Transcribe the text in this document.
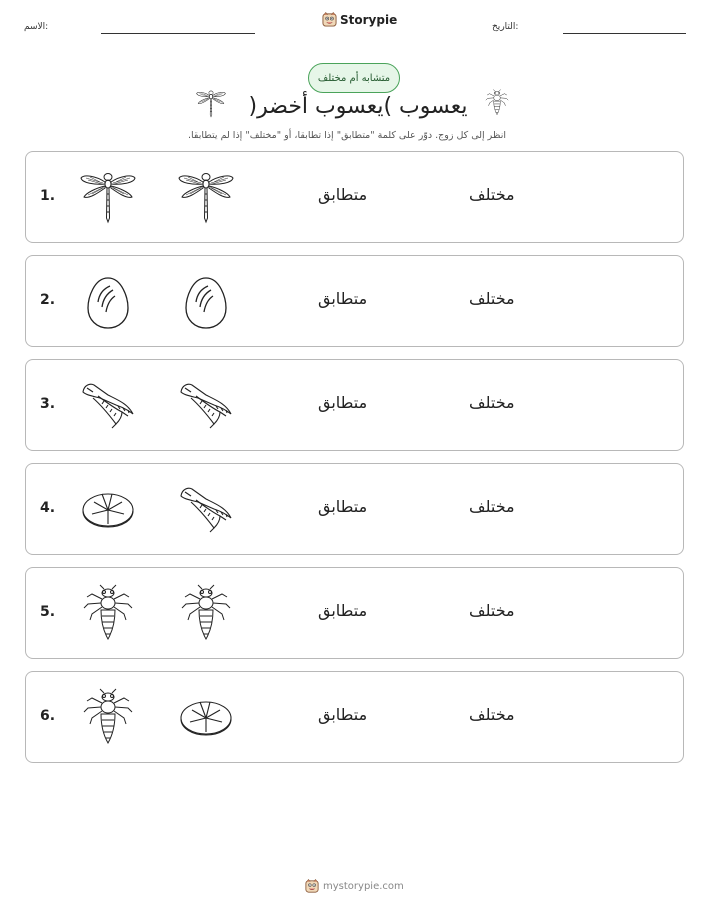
الاسم:
Storypie
التاريخ:
متشابه أم مختلف
يعسوب )يعسوب أخضر(
انظر إلى كل زوج. دوّر على كلمة "متطابق" إذا تطابقا، أو "مختلف" إذا لم يتطابقا.
1.	متطابق	مختلف
2.	متطابق	مختلف
3.	متطابق	مختلف
4.	متطابق	مختلف
5.	متطابق	مختلف
6.	متطابق	مختلف
mystorypie.com
